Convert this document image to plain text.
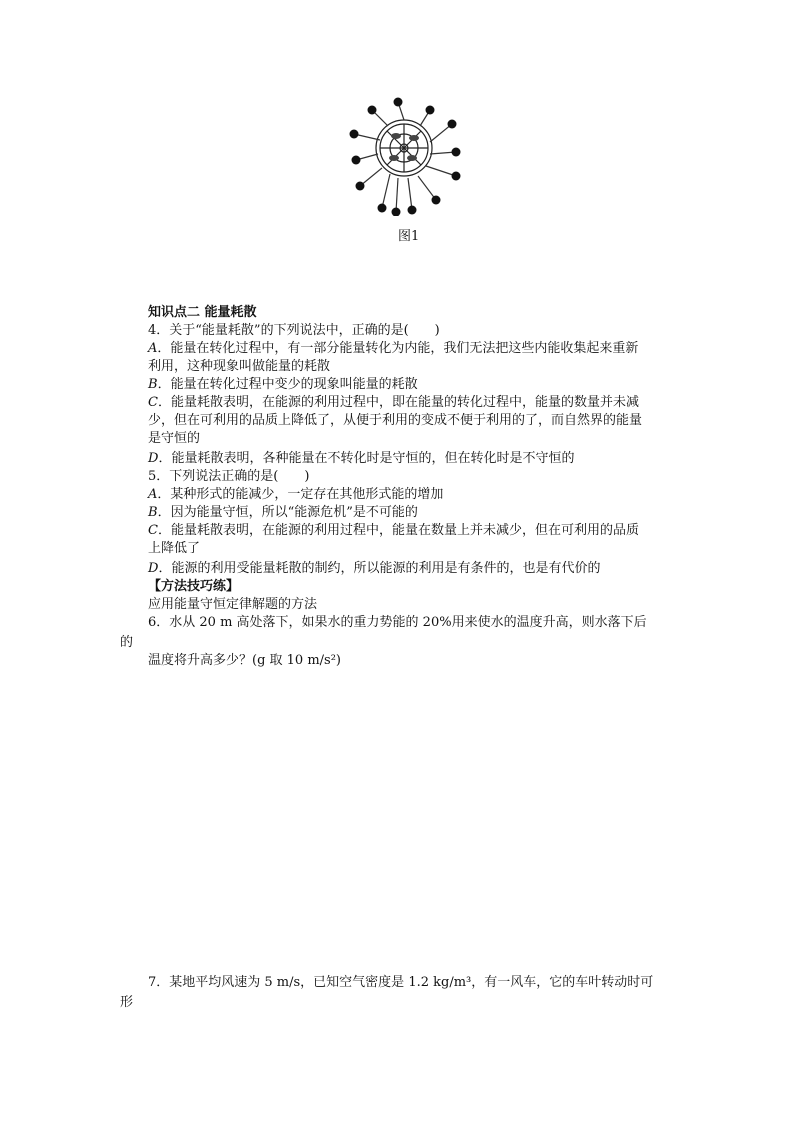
图1
知识点二 能量耗散
4．关于“能量耗散”的下列说法中，正确的是(　　)
A．能量在转化过程中，有一部分能量转化为内能，我们无法把这些内能收集起来重新
利用，这种现象叫做能量的耗散
B．能量在转化过程中变少的现象叫能量的耗散
C．能量耗散表明，在能源的利用过程中，即在能量的转化过程中，能量的数量并未减
少，但在可利用的品质上降低了，从便于利用的变成不便于利用的了，而自然界的能量
是守恒的
D．能量耗散表明，各种能量在不转化时是守恒的，但在转化时是不守恒的
5．下列说法正确的是(　　)
A．某种形式的能减少，一定存在其他形式能的增加
B．因为能量守恒，所以“能源危机”是不可能的
C．能量耗散表明，在能源的利用过程中，能量在数量上并未减少，但在可利用的品质
上降低了
D．能源的利用受能量耗散的制约，所以能源的利用是有条件的，也是有代价的
【方法技巧练】
应用能量守恒定律解题的方法
6．水从 20 m 高处落下，如果水的重力势能的 20%用来使水的温度升高，则水落下后
的
温度将升高多少？(g 取 10 m/s²)
7．某地平均风速为 5 m/s，已知空气密度是 1.2 kg/m³，有一风车，它的车叶转动时可
形
